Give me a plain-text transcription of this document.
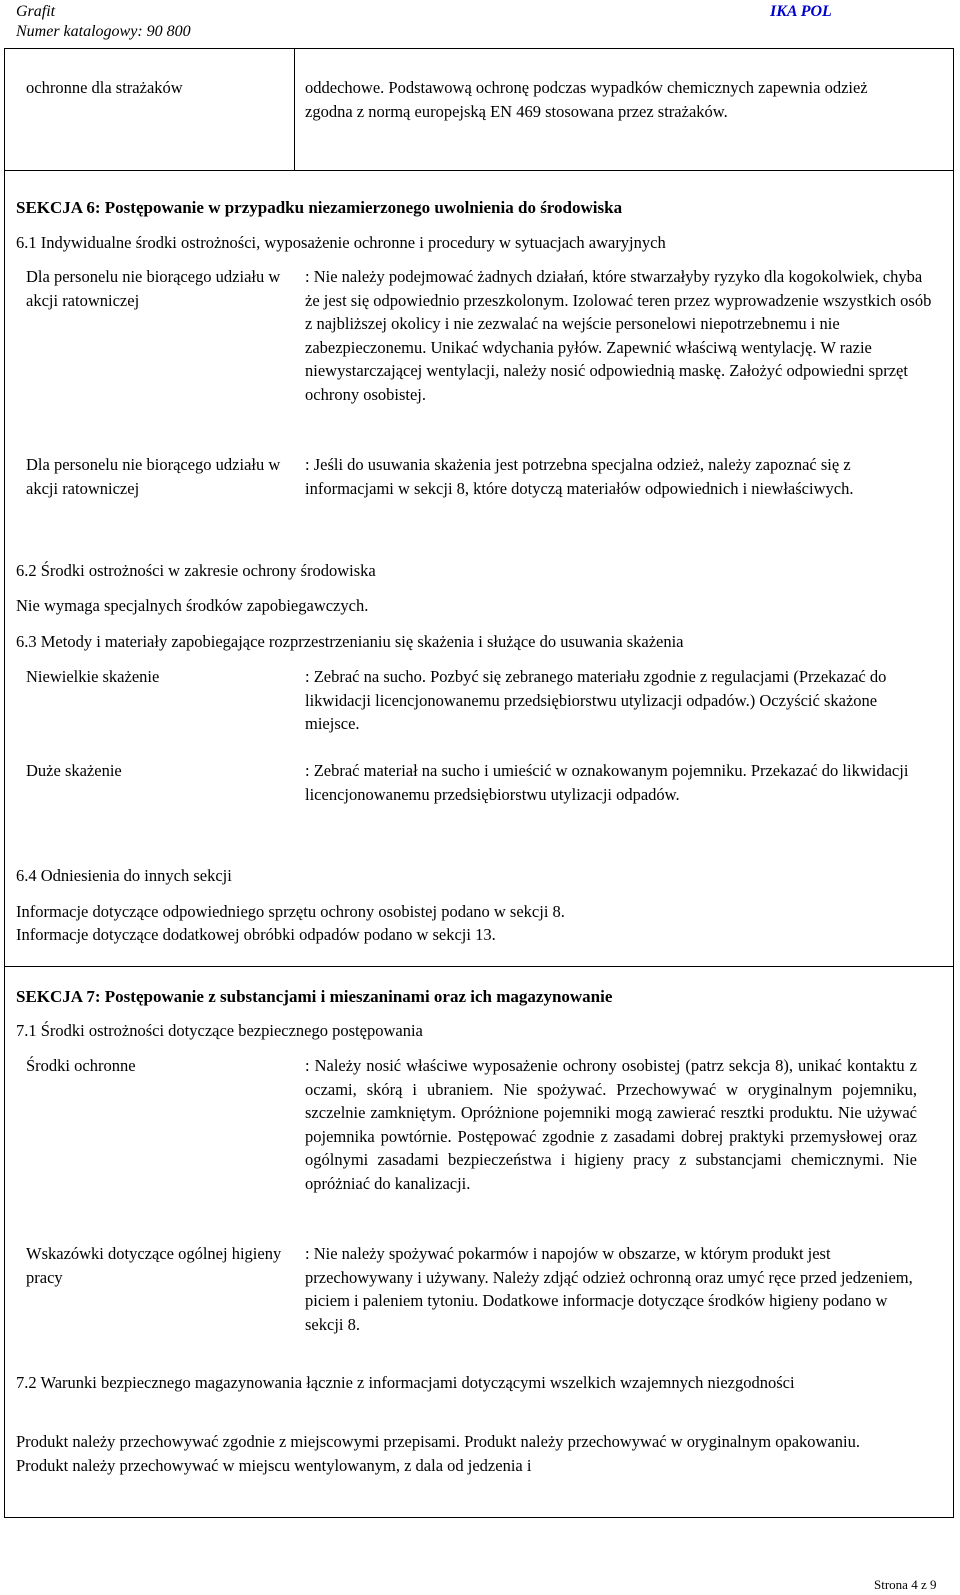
Grafit
Numer katalogowy: 90 800
IKA POL
ochronne dla strażaków	oddechowe. Podstawową ochronę podczas wypadków chemicznych zapewnia odzież zgodna z normą europejską EN 469 stosowana przez strażaków.
SEKCJA 6: Postępowanie w przypadku niezamierzonego uwolnienia do środowiska
6.1 Indywidualne środki ostrożności, wyposażenie ochronne i procedury w sytuacjach awaryjnych
Dla personelu nie biorącego udziału w akcji ratowniczej
: Nie należy podejmować żadnych działań, które stwarzałyby ryzyko dla kogokolwiek, chyba że jest się odpowiednio przeszkolonym. Izolować teren przez wyprowadzenie wszystkich osób z najbliższej okolicy i nie zezwalać na wejście personelowi niepotrzebnemu i nie zabezpieczonemu. Unikać wdychania pyłów. Zapewnić właściwą wentylację. W razie niewystarczającej wentylacji, należy nosić odpowiednią maskę. Założyć odpowiedni sprzęt ochrony osobistej.
Dla personelu nie biorącego udziału w akcji ratowniczej
: Jeśli do usuwania skażenia jest potrzebna specjalna odzież, należy zapoznać się z informacjami w sekcji 8, które dotyczą materiałów odpowiednich i niewłaściwych.
6.2 Środki ostrożności w zakresie ochrony środowiska
Nie wymaga specjalnych środków zapobiegawczych.
6.3 Metody i materiały zapobiegające rozprzestrzenianiu się skażenia i służące do usuwania skażenia
Niewielkie skażenie	: Zebrać na sucho. Pozbyć się zebranego materiału zgodnie z regulacjami (Przekazać do likwidacji licencjonowanemu przedsiębiorstwu utylizacji odpadów.) Oczyścić skażone miejsce.
Duże skażenie	: Zebrać materiał na sucho i umieścić w oznakowanym pojemniku. Przekazać do likwidacji licencjonowanemu przedsiębiorstwu utylizacji odpadów.
6.4 Odniesienia do innych sekcji
Informacje dotyczące odpowiedniego sprzętu ochrony osobistej podano w sekcji 8.
Informacje dotyczące dodatkowej obróbki odpadów podano w sekcji 13.
SEKCJA 7: Postępowanie z substancjami i mieszaninami oraz ich magazynowanie
7.1 Środki ostrożności dotyczące bezpiecznego postępowania
Środki ochronne	: Należy nosić właściwe wyposażenie ochrony osobistej (patrz sekcja 8), unikać kontaktu z oczami, skórą i ubraniem. Nie spożywać. Przechowywać w oryginalnym pojemniku, szczelnie zamkniętym. Opróżnione pojemniki mogą zawierać resztki produktu. Nie używać pojemnika powtórnie. Postępować zgodnie z zasadami dobrej praktyki przemysłowej oraz ogólnymi zasadami bezpieczeństwa i higieny pracy z substancjami chemicznymi. Nie opróżniać do kanalizacji.
Wskazówki dotyczące ogólnej higieny pracy
: Nie należy spożywać pokarmów i napojów w obszarze, w którym produkt jest przechowywany i używany. Należy zdjąć odzież ochronną oraz umyć ręce przed jedzeniem, piciem i paleniem tytoniu. Dodatkowe informacje dotyczące środków higieny podano w sekcji 8.
7.2 Warunki bezpiecznego magazynowania łącznie z informacjami dotyczącymi wszelkich wzajemnych niezgodności
Produkt należy przechowywać zgodnie z miejscowymi przepisami. Produkt należy przechowywać w oryginalnym opakowaniu. Produkt należy przechowywać w miejscu wentylowanym, z dala od jedzenia i
Strona 4 z 9
